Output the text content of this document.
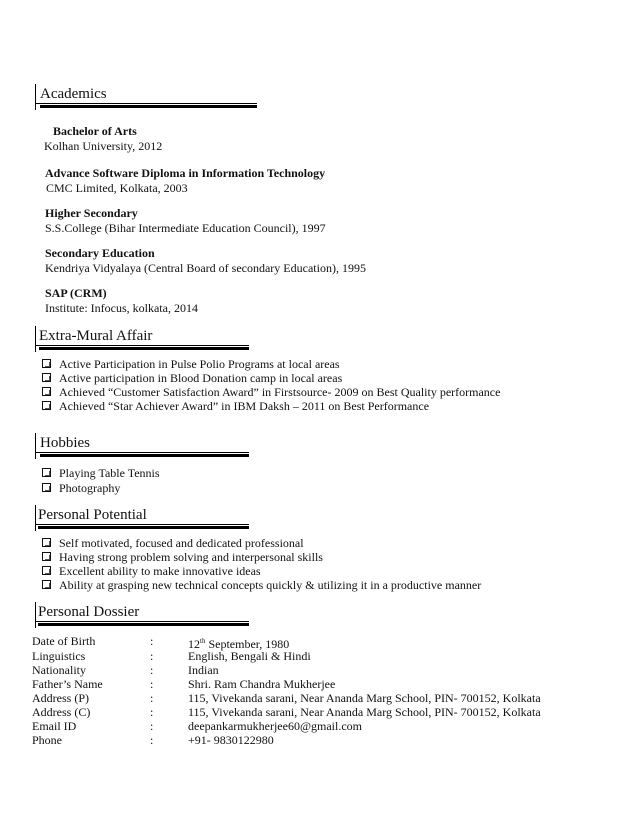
Academics
Bachelor of Arts
Kolhan University, 2012
Advance Software Diploma in Information Technology
CMC Limited, Kolkata, 2003
Higher Secondary
S.S.College (Bihar Intermediate Education Council), 1997
Secondary Education
Kendriya Vidyalaya (Central Board of secondary Education), 1995
SAP (CRM)
Institute: Infocus, kolkata, 2014
Extra-Mural Affair
Active Participation in Pulse Polio Programs at local areas
Active participation in Blood Donation camp in local areas
Achieved “Customer Satisfaction Award” in Firstsource- 2009 on Best Quality performance
Achieved “Star Achiever Award” in IBM Daksh – 2011 on Best Performance
Hobbies
Playing Table Tennis
Photography
Personal Potential
Self motivated, focused and dedicated professional
Having strong problem solving and interpersonal skills
Excellent ability to make innovative ideas
Ability at grasping new technical concepts quickly & utilizing it in a productive manner
Personal Dossier
Date of Birth	:	12th September, 1980
Linguistics	:	English, Bengali & Hindi
Nationality	:	Indian
Father’s Name	:	Shri. Ram Chandra Mukherjee
Address (P)	:	115, Vivekanda sarani, Near Ananda Marg School, PIN- 700152, Kolkata
Address (C)	:	115, Vivekanda sarani, Near Ananda Marg School, PIN- 700152, Kolkata
Email ID	:	deepankarmukherjee60@gmail.com
Phone	:	+91- 9830122980
